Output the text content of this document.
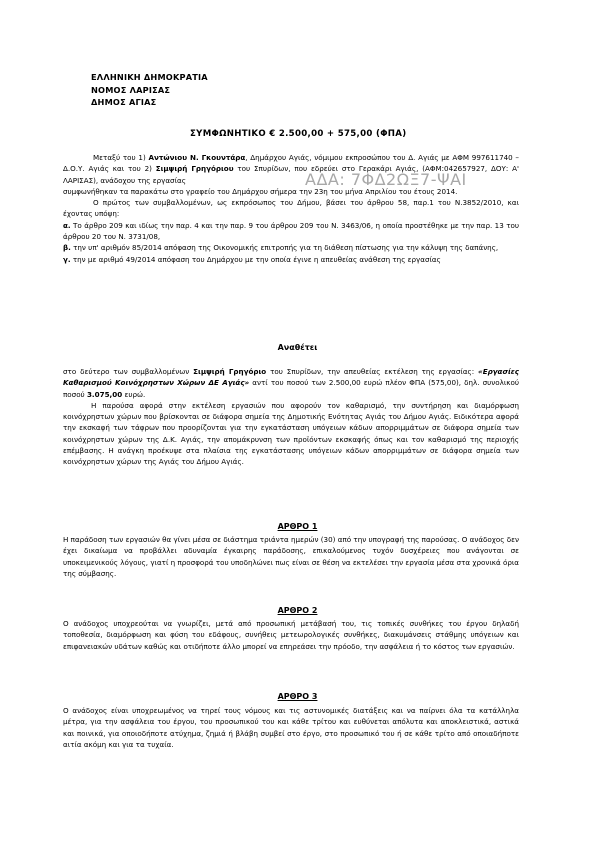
ΕΛΛΗΝΙΚΗ ΔΗΜΟΚΡΑΤΙΑ
ΝΟΜΟΣ ΛΑΡΙΣΑΣ
ΔΗΜΟΣ ΑΓΙΑΣ
ΣΥΜΦΩΝΗΤΙΚΟ € 2.500,00 + 575,00 (ΦΠΑ)
ΑΔΑ: 7ΦΔ2ΩΞ7-ΨΑΙ

Μεταξύ του 1) Αντώνιου Ν. Γκουντάρα, Δημάρχου Αγιάς, νόμιμου εκπροσώπου του Δ. Αγιάς με ΑΦΜ 997611740 – Δ.Ο.Υ. Αγιάς και του 2) Σιμψιρή Γρηγόριου του Σπυρίδων, που εδρεύει στο Γερακάρι Αγιάς, (ΑΦΜ:042657927, ΔΟΥ: Α' ΛΑΡΙΣΑΣ), ανάδοχου της εργασίας

συμφωνήθηκαν τα παρακάτω στο γραφείο του Δημάρχου σήμερα την 23η του μήνα Απριλίου του έτους 2014.

Ο πρώτος των συμβαλλομένων, ως εκπρόσωπος του Δήμου, βάσει του άρθρου 58, παρ.1 του Ν.3852/2010, και έχοντας υπόψη:

α. Το άρθρο 209 και ιδίως την παρ. 4 και την παρ. 9 του άρθρου 209 του Ν. 3463/06, η οποία προστέθηκε με την παρ. 13 του άρθρου 20 του Ν. 3731/08,

β. την υπ' αριθμόν 85/2014 απόφαση της Οικονομικής επιτροπής για τη διάθεση πίστωσης για την κάλυψη της δαπάνης,

γ. την με αριθμό 49/2014 απόφαση του Δημάρχου με την οποία έγινε η απευθείας ανάθεση της εργασίας

Αναθέτει

στο δεύτερο των συμβαλλομένων Σιμψιρή Γρηγόριο του Σπυρίδων, την απευθείας εκτέλεση της εργασίας: «Εργασίες Καθαρισμού Κοινόχρηστων Χώρων ΔΕ Αγιάς» αντί του ποσού των 2.500,00 ευρώ πλέον ΦΠΑ (575,00), δηλ. συνολικού ποσού 3.075,00 ευρώ.

Η παρούσα αφορά στην εκτέλεση εργασιών που αφορούν τον καθαρισμό, την συντήρηση και διαμόρφωση κοινόχρηστων χώρων που βρίσκονται σε διάφορα σημεία της Δημοτικής Ενότητας Αγιάς του Δήμου Αγιάς. Ειδικότερα αφορά την εκσκαφή των τάφρων που προορίζονται για την εγκατάσταση υπόγειων κάδων απορριμμάτων σε διάφορα σημεία των κοινόχρηστων χώρων της Δ.Κ. Αγιάς, την απομάκρυνση των προϊόντων εκσκαφής όπως και τον καθαρισμό της περιοχής επέμβασης. Η ανάγκη προέκυψε στα πλαίσια της εγκατάστασης υπόγειων κάδων απορριμμάτων σε διάφορα σημεία των κοινόχρηστων χώρων της Αγιάς του Δήμου Αγιάς.

ΑΡΘΡΟ 1
Η παράδοση των εργασιών θα γίνει μέσα σε διάστημα τριάντα ημερών (30) από την υπογραφή της παρούσας. Ο ανάδοχος δεν έχει δικαίωμα να προβάλλει αδυναμία έγκαιρης παράδοσης, επικαλούμενος τυχόν δυσχέρειες που ανάγονται σε υποκειμενικούς λόγους, γιατί η προσφορά του υποδηλώνει πως είναι σε θέση να εκτελέσει την εργασία μέσα στα χρονικά όρια της σύμβασης.
ΑΡΘΡΟ 2
Ο ανάδοχος υποχρεούται να γνωρίζει, μετά από προσωπική μετάβασή του, τις τοπικές συνθήκες του έργου δηλαδή τοποθεσία, διαμόρφωση και φύση του εδάφους, συνήθεις μετεωρολογικές συνθήκες, διακυμάνσεις στάθμης υπόγειων και επιφανειακών υδάτων καθώς και οτιδήποτε άλλο μπορεί να επηρεάσει την πρόοδο, την ασφάλεια ή το κόστος των εργασιών.
ΑΡΘΡΟ 3
Ο ανάδοχος είναι υποχρεωμένος να τηρεί τους νόμους και τις αστυνομικές διατάξεις και να παίρνει όλα τα κατάλληλα μέτρα, για την ασφάλεια του έργου, του προσωπικού του και κάθε τρίτου και ευθύνεται απόλυτα και αποκλειστικά, αστικά και ποινικά, για οποιοδήποτε ατύχημα, ζημιά ή βλάβη συμβεί στο έργο, στο προσωπικό του ή σε κάθε τρίτο από οποιαδήποτε αιτία ακόμη και για τα τυχαία.
